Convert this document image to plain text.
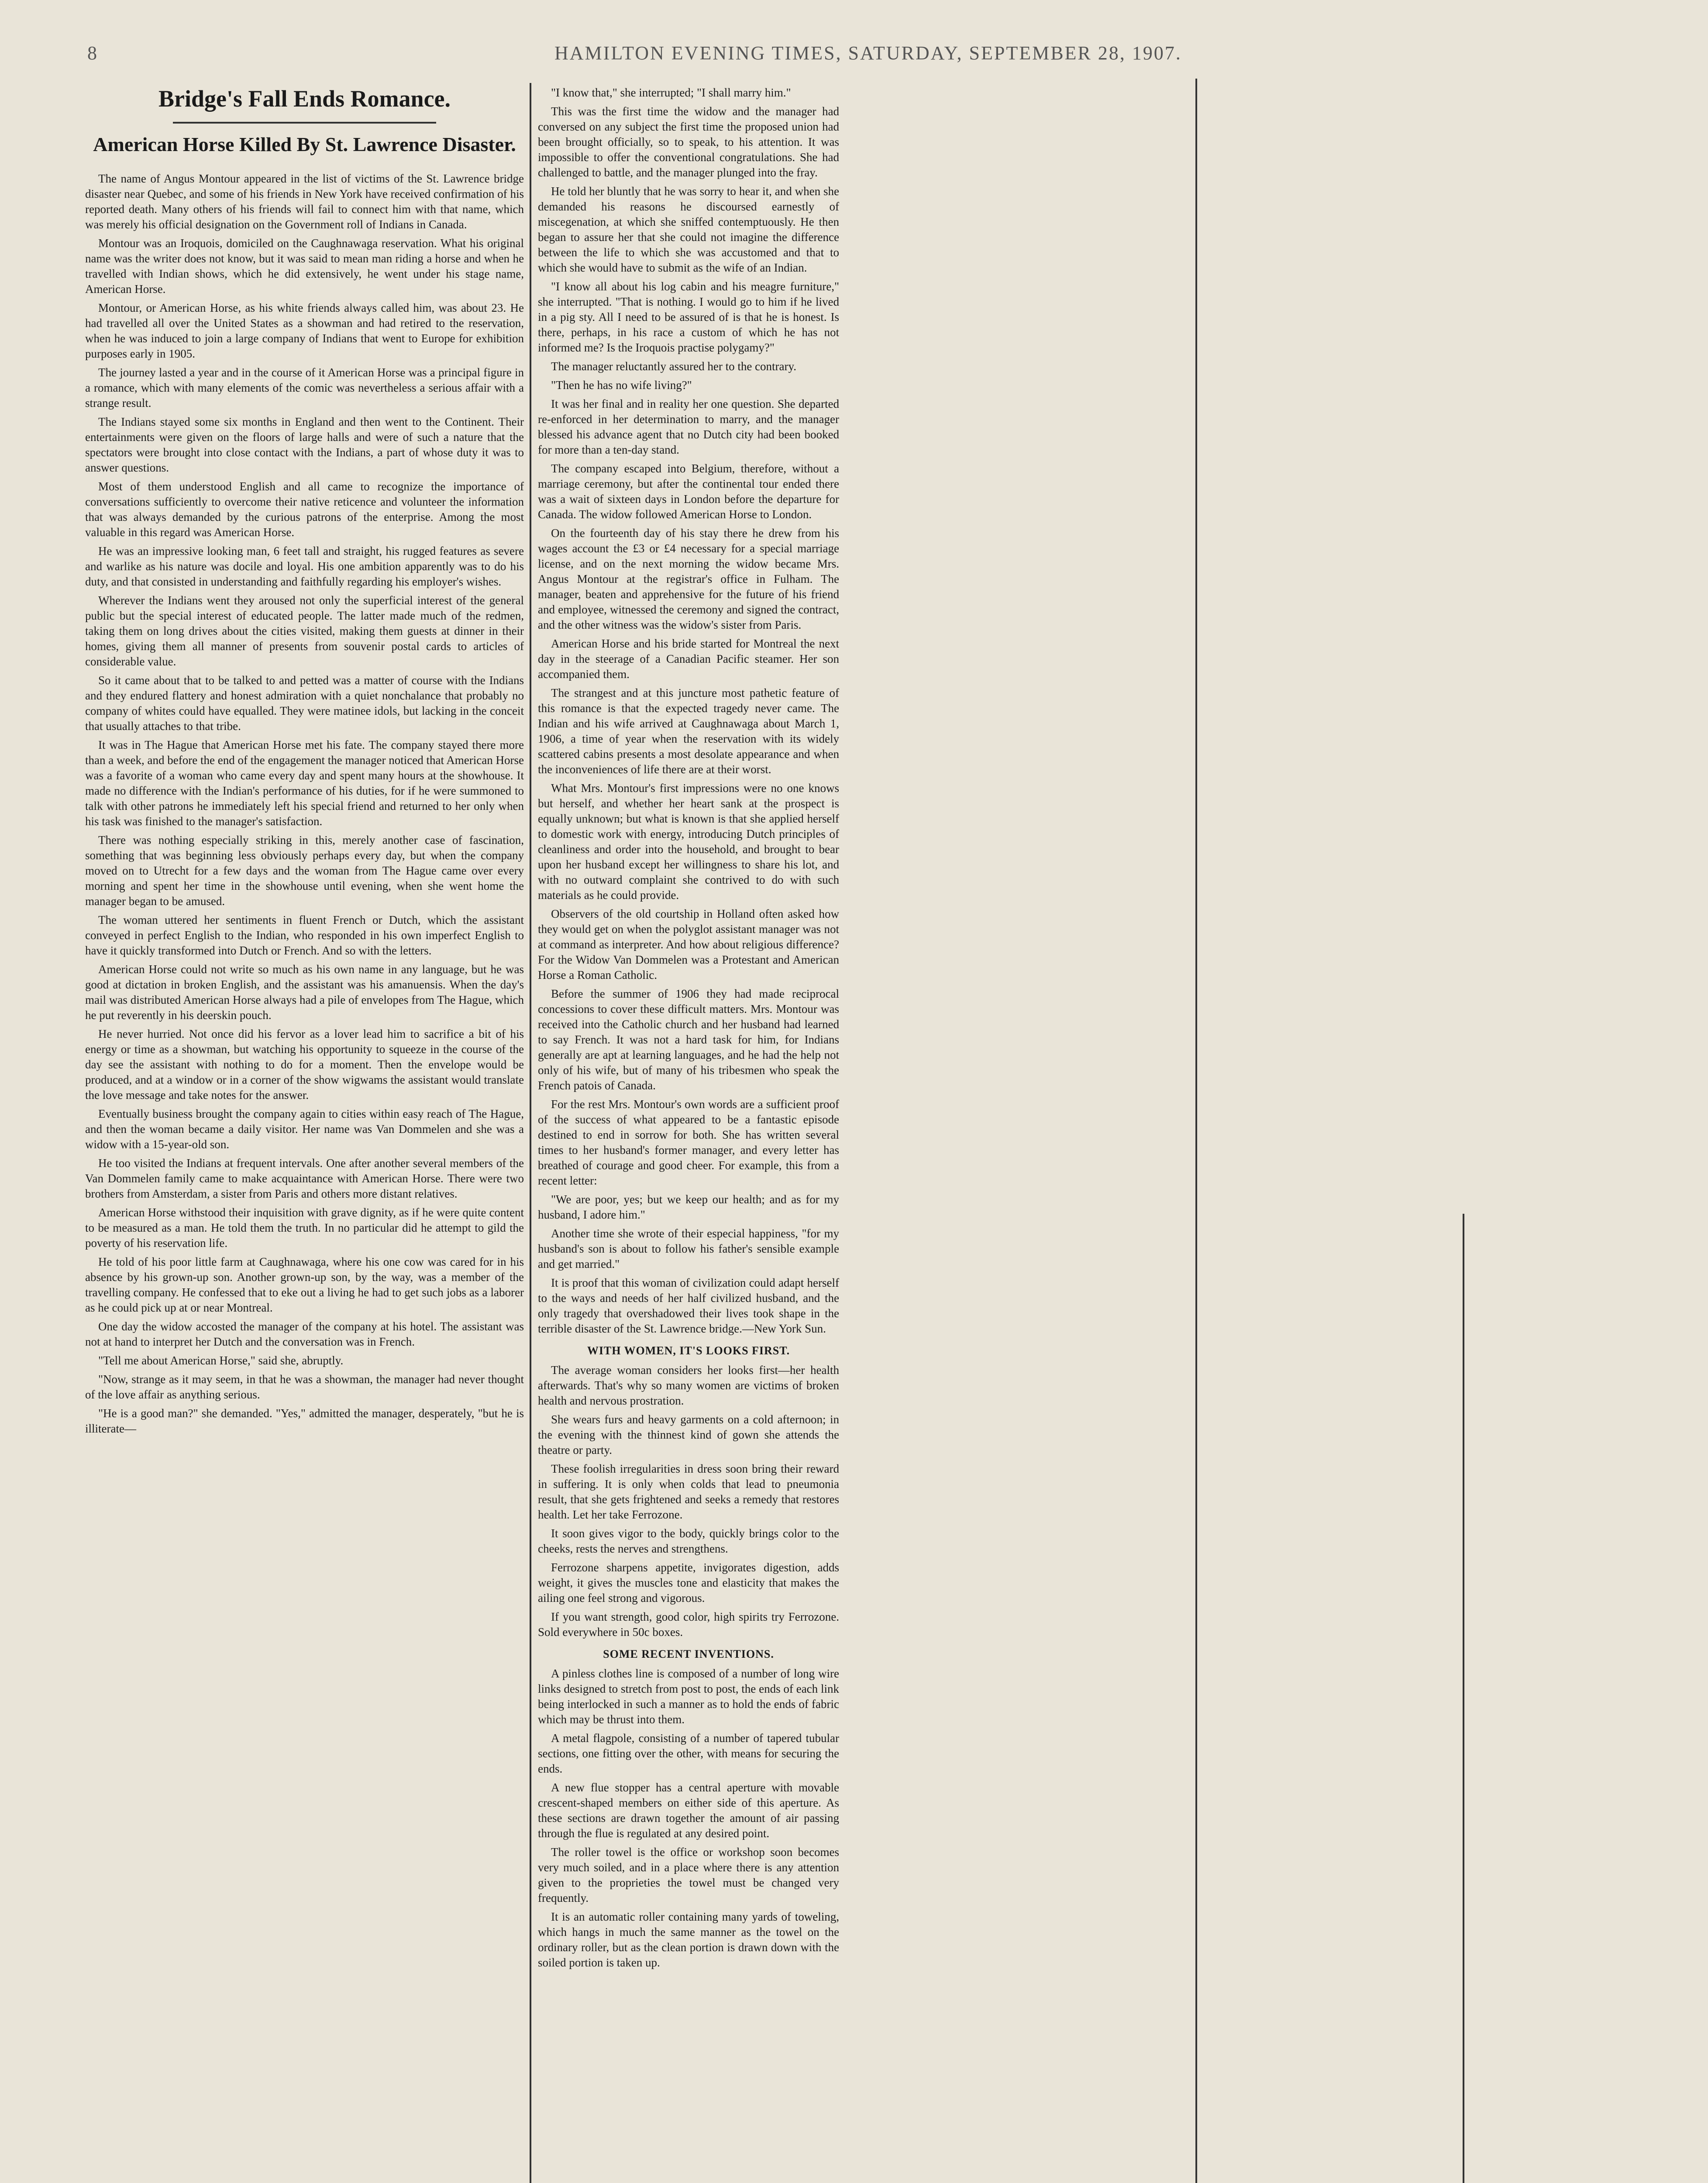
8	HAMILTON EVENING TIMES, SATURDAY, SEPTEMBER 28, 1907.
Bridge's Fall Ends Romance.
American Horse Killed By St. Lawrence Disaster.

The name of Angus Montour appeared in the list of victims of the St. Lawrence bridge disaster near Quebec, and some of his friends in New York have received confirmation of his reported death. Many others of his friends will fail to connect him with that name, which was merely his official designation on the Government roll of Indians in Canada.

Montour was an Iroquois, domiciled on the Caughnawaga reservation. What his original name was the writer does not know, but it was said to mean man riding a horse and when he travelled with Indian shows, which he did extensively, he went under his stage name, American Horse.

Montour, or American Horse, as his white friends always called him, was about 23. He had travelled all over the United States as a showman and had retired to the reservation, when he was induced to join a large company of Indians that went to Europe for exhibition purposes early in 1905.

The journey lasted a year and in the course of it American Horse was a principal figure in a romance, which with many elements of the comic was nevertheless a serious affair with a strange result.

The Indians stayed some six months in England and then went to the Continent. Their entertainments were given on the floors of large halls and were of such a nature that the spectators were brought into close contact with the Indians, a part of whose duty it was to answer questions.

Most of them understood English and all came to recognize the importance of conversations sufficiently to overcome their native reticence and volunteer the information that was always demanded by the curious patrons of the enterprise. Among the most valuable in this regard was American Horse.

He was an impressive looking man, 6 feet tall and straight, his rugged features as severe and warlike as his nature was docile and loyal. His one ambition apparently was to do his duty, and that consisted in understanding and faithfully regarding his employer's wishes.

Wherever the Indians went they aroused not only the superficial interest of the general public but the special interest of educated people. The latter made much of the redmen, taking them on long drives about the cities visited, making them guests at dinner in their homes, giving them all manner of presents from souvenir postal cards to articles of considerable value.

So it came about that to be talked to and petted was a matter of course with the Indians and they endured flattery and honest admiration with a quiet nonchalance that probably no company of whites could have equalled. They were matinee idols, but lacking in the conceit that usually attaches to that tribe.

It was in The Hague that American Horse met his fate. The company stayed there more than a week, and before the end of the engagement the manager noticed that American Horse was a favorite of a woman who came every day and spent many hours at the showhouse. It made no difference with the Indian's performance of his duties, for if he were summoned to talk with other patrons he immediately left his special friend and returned to her only when his task was finished to the manager's satisfaction.

There was nothing especially striking in this, merely another case of fascination, something that was beginning less obviously perhaps every day, but when the company moved on to Utrecht for a few days and the woman from The Hague came over every morning and spent her time in the showhouse until evening, when she went home the manager began to be amused.

The woman uttered her sentiments in fluent French or Dutch, which the assistant conveyed in perfect English to the Indian, who responded in his own imperfect English to have it quickly transformed into Dutch or French. And so with the letters.

American Horse could not write so much as his own name in any language, but he was good at dictation in broken English, and the assistant was his amanuensis. When the day's mail was distributed American Horse always had a pile of envelopes from The Hague, which he put reverently in his deerskin pouch.

He never hurried. Not once did his fervor as a lover lead him to sacrifice a bit of his energy or time as a showman, but watching his opportunity to squeeze in the course of the day see the assistant with nothing to do for a moment. Then the envelope would be produced, and at a window or in a corner of the show wigwams the assistant would translate the love message and take notes for the answer.

Eventually business brought the company again to cities within easy reach of The Hague, and then the woman became a daily visitor. Her name was Van Dommelen and she was a widow with a 15-year-old son.

He too visited the Indians at frequent intervals. One after another several members of the Van Dommelen family came to make acquaintance with American Horse. There were two brothers from Amsterdam, a sister from Paris and others more distant relatives.

American Horse withstood their inquisition with grave dignity, as if he were quite content to be measured as a man. He told them the truth. In no particular did he attempt to gild the poverty of his reservation life.

He told of his poor little farm at Caughnawaga, where his one cow was cared for in his absence by his grown-up son. Another grown-up son, by the way, was a member of the travelling company. He confessed that to eke out a living he had to get such jobs as a laborer as he could pick up at or near Montreal.

One day the widow accosted the manager of the company at his hotel. The assistant was not at hand to interpret her Dutch and the conversation was in French.

"Tell me about American Horse," said she, abruptly.

"Now, strange as it may seem, in that he was a showman, the manager had never thought of the love affair as anything serious.

"He is a good man?" she demanded. "Yes," admitted the manager, desperately, "but he is illiterate—

"I know that," she interrupted; "I shall marry him."

This was the first time the widow and the manager had conversed on any subject the first time the proposed union had been brought officially, so to speak, to his attention. It was impossible to offer the conventional congratulations. She had challenged to battle, and the manager plunged into the fray.

He told her bluntly that he was sorry to hear it, and when she demanded his reasons he discoursed earnestly of miscegenation, at which she sniffed contemptuously. He then began to assure her that she could not imagine the difference between the life to which she was accustomed and that to which she would have to submit as the wife of an Indian.

"I know all about his log cabin and his meagre furniture," she interrupted. "That is nothing. I would go to him if he lived in a pig sty. All I need to be assured of is that he is honest. Is there, perhaps, in his race a custom of which he has not informed me? Is the Iroquois practise polygamy?"

The manager reluctantly assured her to the contrary.

"Then he has no wife living?"

It was her final and in reality her one question. She departed re-enforced in her determination to marry, and the manager blessed his advance agent that no Dutch city had been booked for more than a ten-day stand.

The company escaped into Belgium, therefore, without a marriage ceremony, but after the continental tour ended there was a wait of sixteen days in London before the departure for Canada. The widow followed American Horse to London.

On the fourteenth day of his stay there he drew from his wages account the £3 or £4 necessary for a special marriage license, and on the next morning the widow became Mrs. Angus Montour at the registrar's office in Fulham. The manager, beaten and apprehensive for the future of his friend and employee, witnessed the ceremony and signed the contract, and the other witness was the widow's sister from Paris.

American Horse and his bride started for Montreal the next day in the steerage of a Canadian Pacific steamer. Her son accompanied them.

The strangest and at this juncture most pathetic feature of this romance is that the expected tragedy never came. The Indian and his wife arrived at Caughnawaga about March 1, 1906, a time of year when the reservation with its widely scattered cabins presents a most desolate appearance and when the inconveniences of life there are at their worst.

What Mrs. Montour's first impressions were no one knows but herself, and whether her heart sank at the prospect is equally unknown; but what is known is that she applied herself to domestic work with energy, introducing Dutch principles of cleanliness and order into the household, and brought to bear upon her husband except her willingness to share his lot, and with no outward complaint she contrived to do with such materials as he could provide.

Observers of the old courtship in Holland often asked how they would get on when the polyglot assistant manager was not at command as interpreter. And how about religious difference? For the Widow Van Dommelen was a Protestant and American Horse a Roman Catholic.

Before the summer of 1906 they had made reciprocal concessions to cover these difficult matters. Mrs. Montour was received into the Catholic church and her husband had learned to say French. It was not a hard task for him, for Indians generally are apt at learning languages, and he had the help not only of his wife, but of many of his tribesmen who speak the French patois of Canada.

For the rest Mrs. Montour's own words are a sufficient proof of the success of what appeared to be a fantastic episode destined to end in sorrow for both. She has written several times to her husband's former manager, and every letter has breathed of courage and good cheer. For example, this from a recent letter:

"We are poor, yes; but we keep our health; and as for my husband, I adore him."

Another time she wrote of their especial happiness, "for my husband's son is about to follow his father's sensible example and get married."

It is proof that this woman of civilization could adapt herself to the ways and needs of her half civilized husband, and the only tragedy that overshadowed their lives took shape in the terrible disaster of the St. Lawrence bridge.—New York Sun.

WITH WOMEN, IT'S LOOKS FIRST.

The average woman considers her looks first—her health afterwards. That's why so many women are victims of broken health and nervous prostration.

She wears furs and heavy garments on a cold afternoon; in the evening with the thinnest kind of gown she attends the theatre or party.

These foolish irregularities in dress soon bring their reward in suffering. It is only when colds that lead to pneumonia result, that she gets frightened and seeks a remedy that restores health. Let her take Ferrozone.

It soon gives vigor to the body, quickly brings color to the cheeks, rests the nerves and strengthens.

Ferrozone sharpens appetite, invigorates digestion, adds weight, it gives the muscles tone and elasticity that makes the ailing one feel strong and vigorous.

If you want strength, good color, high spirits try Ferrozone. Sold everywhere in 50c boxes.

SOME RECENT INVENTIONS.

A pinless clothes line is composed of a number of long wire links designed to stretch from post to post, the ends of each link being interlocked in such a manner as to hold the ends of fabric which may be thrust into them.

A metal flagpole, consisting of a number of tapered tubular sections, one fitting over the other, with means for securing the ends.

A new flue stopper has a central aperture with movable crescent-shaped members on either side of this aperture. As these sections are drawn together the amount of air passing through the flue is regulated at any desired point.

The roller towel is the office or workshop soon becomes very much soiled, and in a place where there is any attention given to the proprieties the towel must be changed very frequently.

It is an automatic roller containing many yards of toweling, which hangs in much the same manner as the towel on the ordinary roller, but as the clean portion is drawn down with the soiled portion is taken up.
